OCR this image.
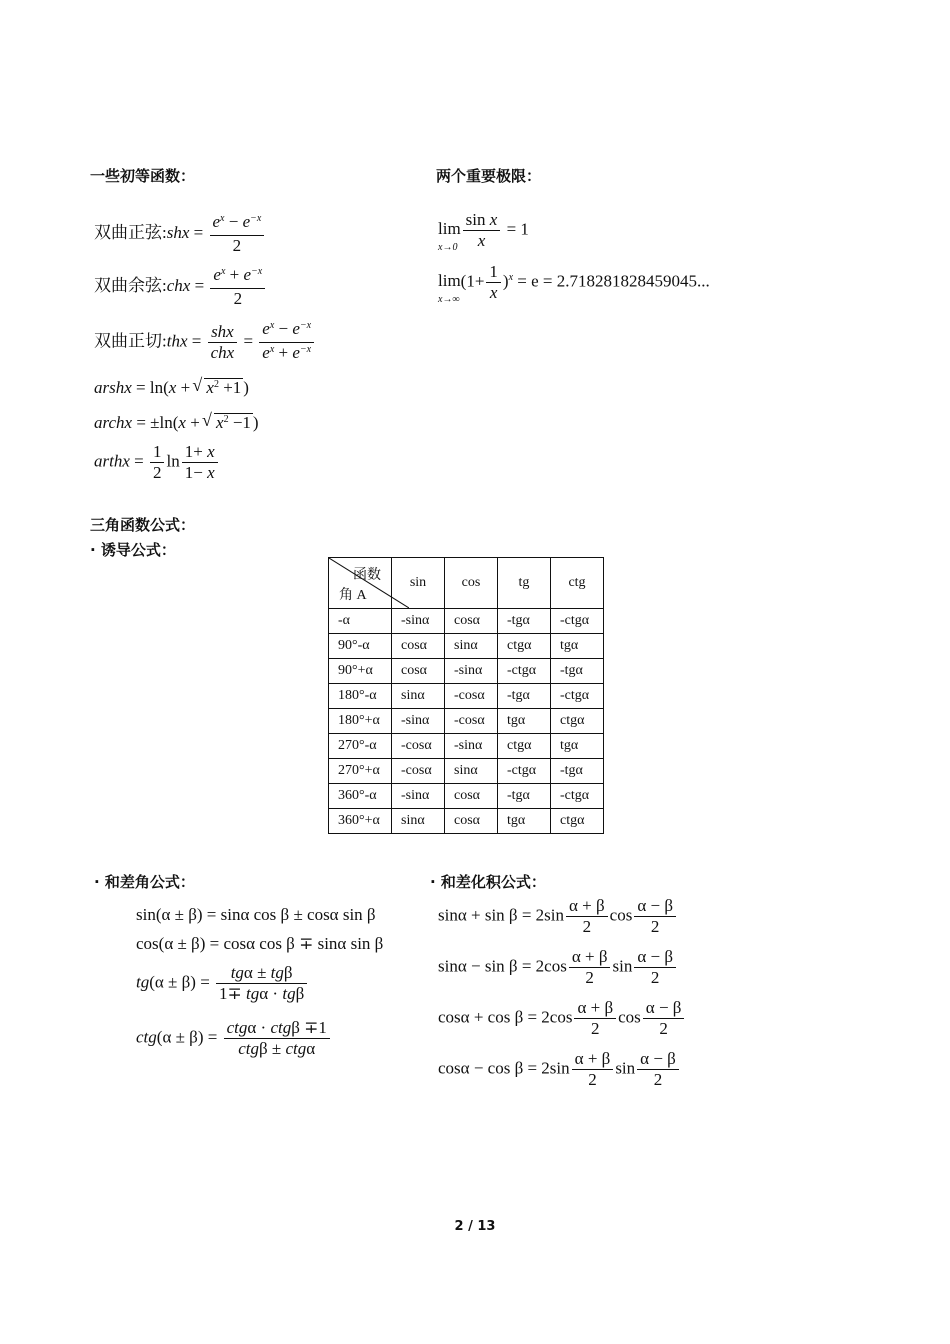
一些初等函数：	两个重要极限：
双曲正弦:shx = $\frac{e^x - e^{-x}}{2}$
双曲余弦:chx = $\frac{e^x + e^{-x}}{2}$
双曲正切:thx = $\frac{\text{shx}}{\text{chx}} = \frac{e^x - e^{-x}}{e^x + e^{-x}}$
arshx = ln(x + √ $x^2 +1$ )
archx = ±ln(x + √ $x^2 -1$ )
arthx = $\frac{1}{2}$ $\ln \frac{1+ x}{1- x}$
lim
$x\to 0 \frac{\text{sin x}}{x} = 1$
lim
x→∞
$(1+ \frac{1}{x} )^x = e = 2.718281828459045$...
三角函数公式：
· 诱导公式：
函数
角 A	sin	cos	tg	ctg
-α	-sinα	cosα	-tgα	-ctgα
90°-α	cosα	sinα	ctgα	tgα
90°+α	cosα	-sinα	-ctgα	-tgα
180°-α	sinα	-cosα	-tgα	-ctgα
180°+α	-sinα	-cosα	tgα	ctgα
270°-α	-cosα	-sinα	ctgα	tgα
270°+α	-cosα	sinα	-ctgα	-tgα
360°-α	-sinα	cosα	-tgα	-ctgα
360°+α	sinα	cosα	tgα	ctgα
· 和差角公式：	· 和差化积公式：
sin(α ± β) = sinα cos β ± cosα sin β
cos(α ± β) = cosα cos β ∓ sinα sin β
$tg(\alpha \pm \beta) = \frac{\text{tgα ± tgβ}}{\text{1∓ tgα · tgβ}}$
$ctg(\alpha \pm \beta) = \frac{\text{ctgα · ctgβ ∓1}}{\text{ctgβ ± ctgα}}$
$\sin\alpha + \sin \beta = 2\sin \frac{\alpha + \beta}{2}$ $\cos \frac{\alpha - \beta}{2}$
$\sin\alpha - \sin \beta = 2\cos \frac{\alpha + \beta}{2}$ $\sin \frac{\alpha - \beta}{2}$
$\cos\alpha + \cos \beta = 2\cos \frac{\alpha + \beta}{2}$ $\cos \frac{\alpha - \beta}{2}$
$\cos\alpha - \cos \beta = 2\sin \frac{\alpha + \beta}{2}$ $\sin \frac{\alpha - \beta}{2}$
2 / 13
